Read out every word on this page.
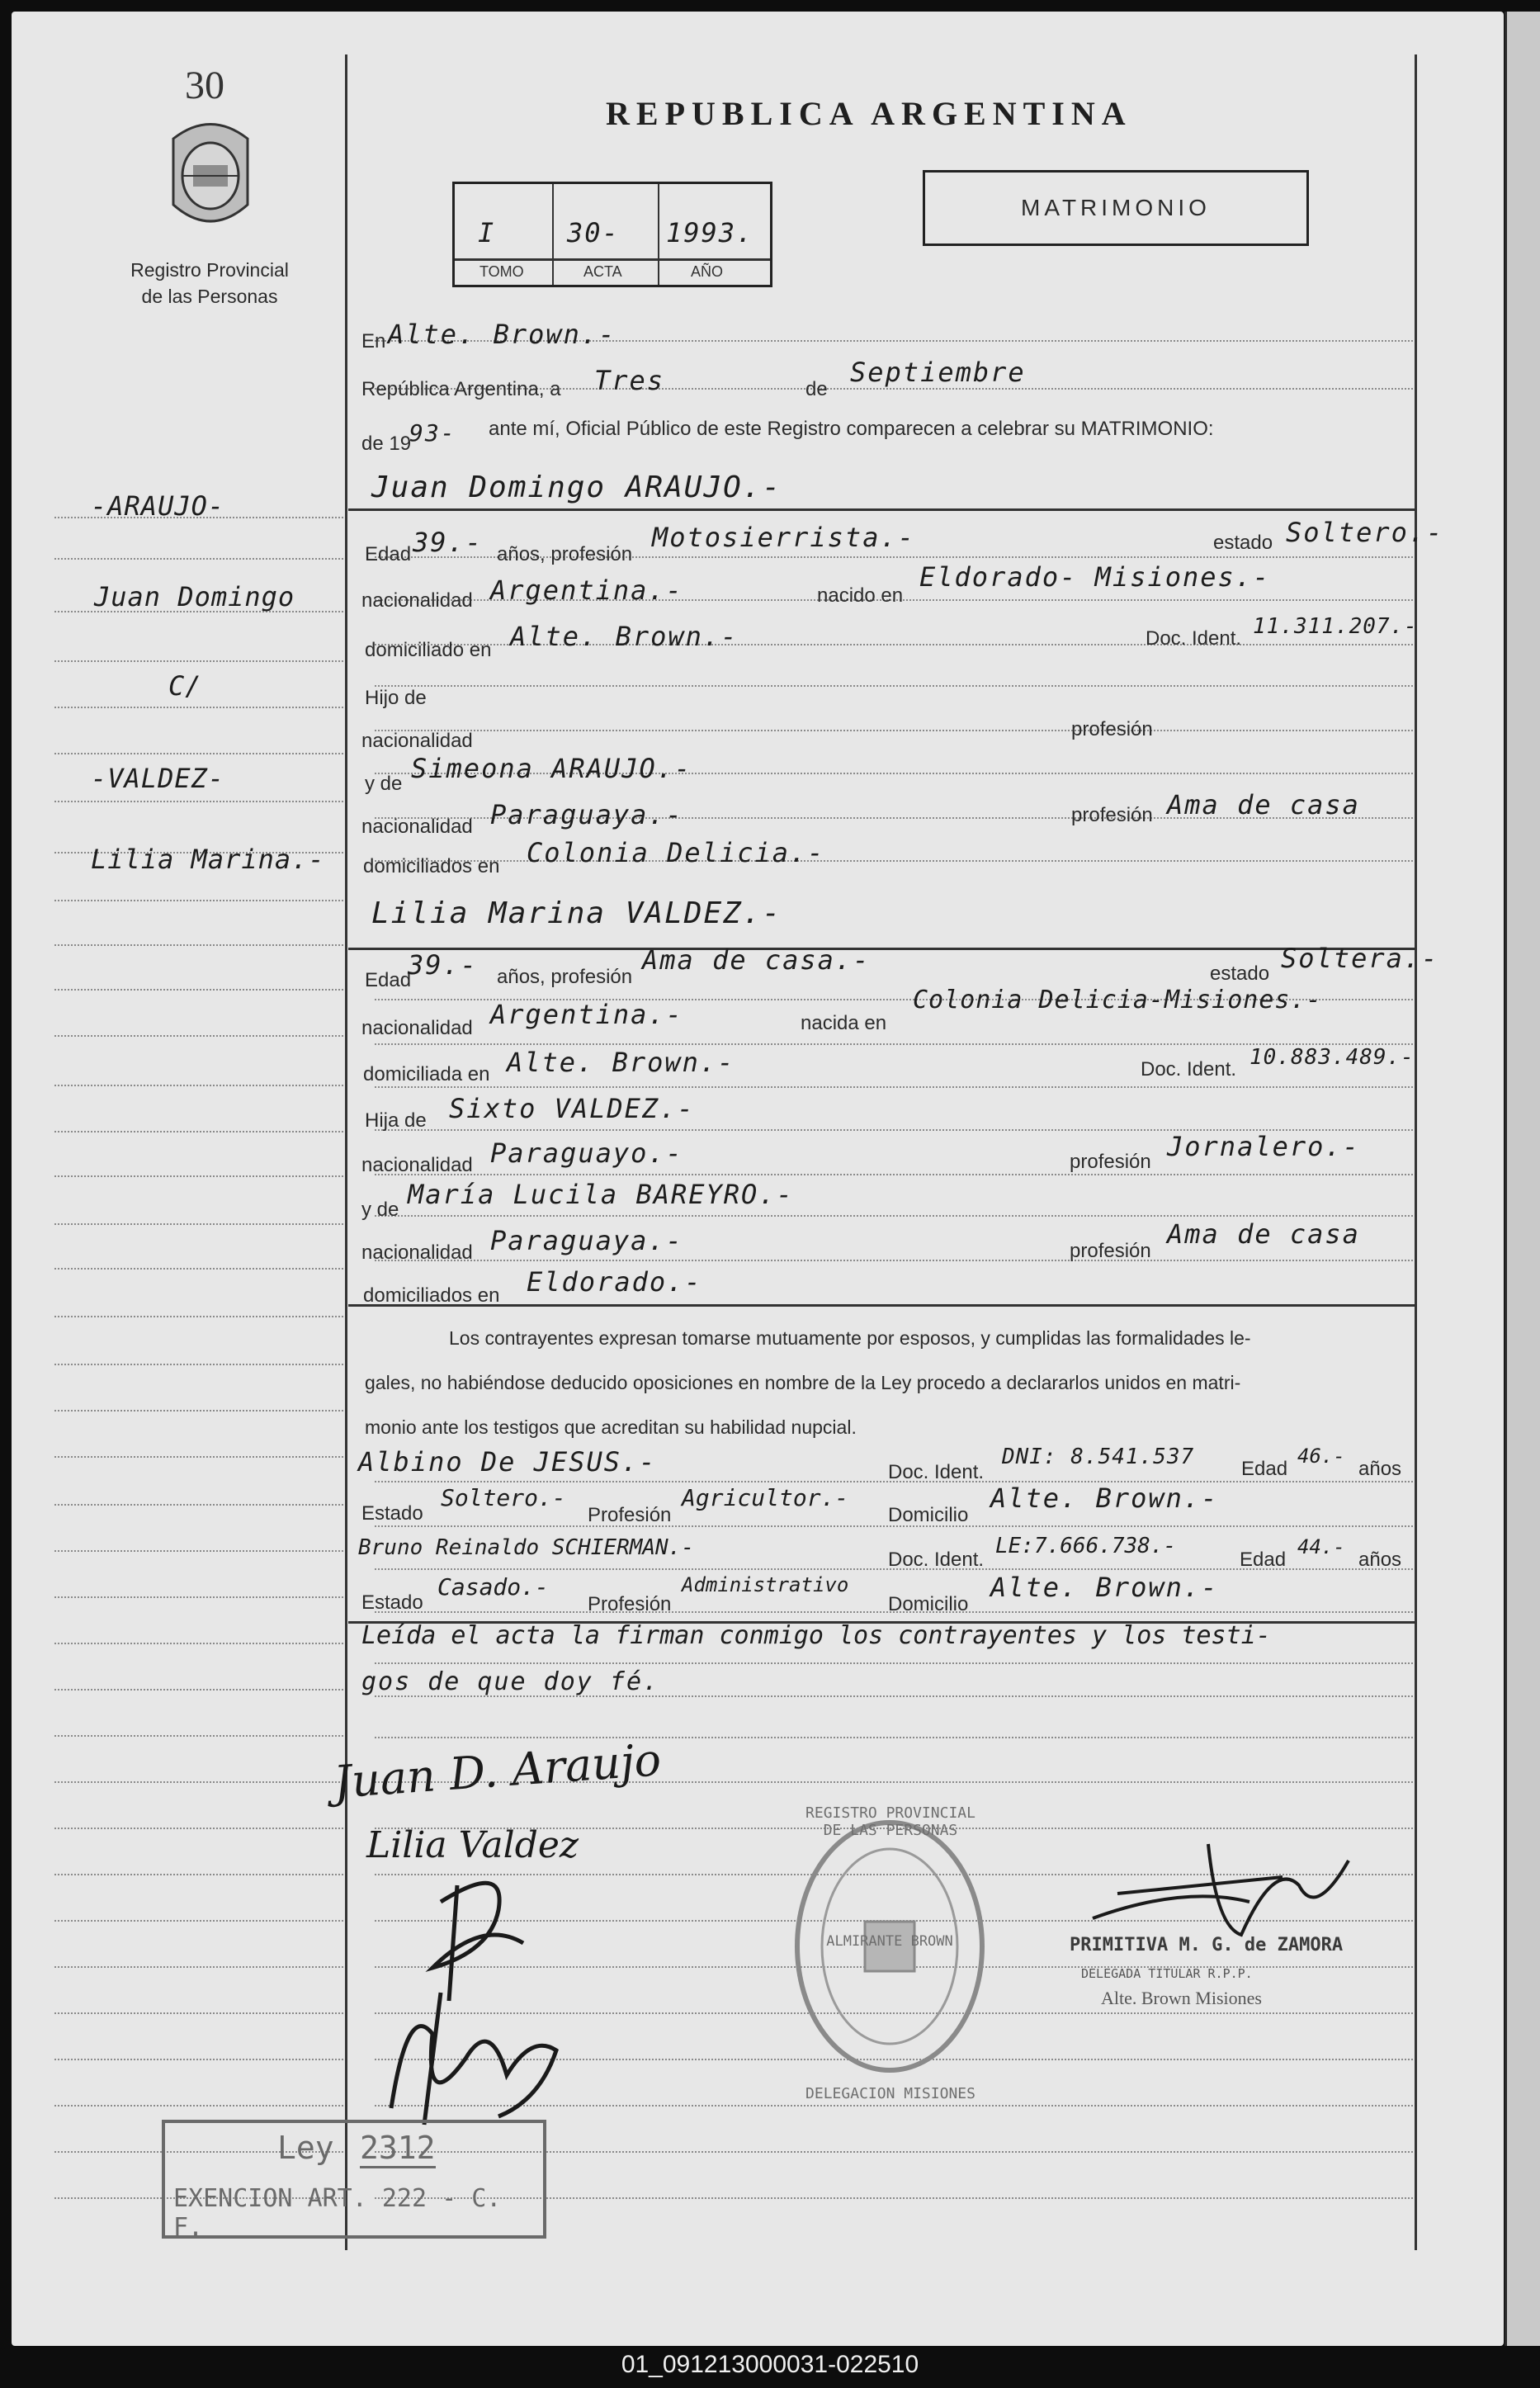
30
Registro Provincial
de las Personas
REPUBLICA ARGENTINA
I	30- 1993.
TOMO	ACTA	AÑO
MATRIMONIO
-ARAUJO-
Juan Domingo
C/
-VALDEZ-
Lilia Marina.-
En Alte. Brown.-
República Argentina, a Tres	de
Septiembre
de 19
93- ante mí, Oficial Público de este Registro comparecen a celebrar su MATRIMONIO:
Juan Domingo ARAUJO.-
Edad 39.- años, profesión
Motosierrista.-	estado Soltero.-
nacionalidad Argentina.-	nacido en
Eldorado- Misiones.-
domiciliado en Alte. Brown.-	Doc. Ident. 11.311.207.-
Hijo de
nacionalidad
profesión
y de Simeona ARAUJO.-
nacionalidad Paraguaya.-	profesión Ama de casa
domiciliados en Colonia Delicia.-
Lilia Marina VALDEZ.-
Edad
39.- años, profesión
Ama de casa.-	estado Soltera.-
nacionalidad Argentina.-	nacida en
Colonia Delicia-Misiones.-
domiciliada en Alte. Brown.-	Doc. Ident. 10.883.489.-
Hija de Sixto VALDEZ.-
nacionalidad Paraguayo.-	profesión Jornalero.-
y de María Lucila BAREYRO.-
nacionalidad Paraguaya.-	profesión
Ama de casa
domiciliados en Eldorado.-
Los contrayentes expresan tomarse mutuamente por esposos, y cumplidas las formalidades le-
gales, no habiéndose deducido oposiciones en nombre de la Ley procedo a declararlos unidos en matri-
monio ante los testigos que acreditan su habilidad nupcial.
Albino De JESUS.-	Doc. Ident.
DNI: 8.541.537 Edad
46.-
años
Estado
Soltero.-
Profesión
Agricultor.-
Domicilio
Alte. Brown.-
Bruno Reinaldo SCHIERMAN.-	Doc. Ident.
LE:7.666.738.-
Edad
44.-
años
Estado
Casado.-
Profesión
Administrativo
Domicilio
Alte. Brown.-
Leída el acta la firman conmigo los contrayentes y los testi-
gos de que doy fé.
Juan D. Araujo
Lilia Valdez
REGISTRO PROVINCIAL DE LAS PERSONAS
ALMIRANTE BROWN
DELEGACION MISIONES
PRIMITIVA M. G. de ZAMORA
DELEGADA TITULAR R.P.P.
Alte. Brown Misiones
Ley 2312
EXENCION ART. 222 - C. F.
01_091213000031-022510
